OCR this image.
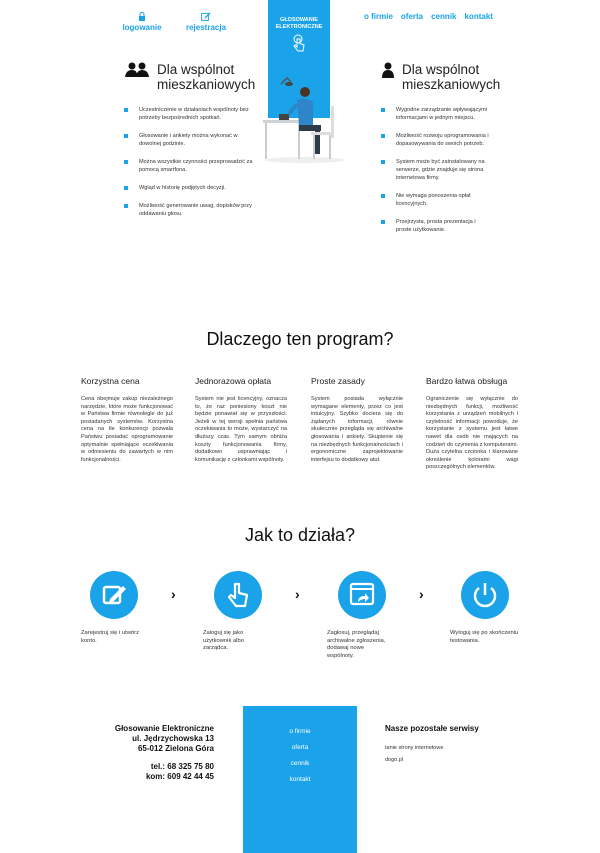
GŁOSOWANIE
ELEKTRONICZNE
logowanie	rejestracja
o firmie oferta cennik kontakt
Dla wspólnot
mieszkaniowych
Uczestniczenie w działaniach wspólnoty bez potrzeby bezpośrednich spotkań.
Głosowanie i ankiety można wykonać w dowolnej godzinie.
Można wszystkie czynności przeprowadzić za pomocą smartfona.
Wgląd w historię podjętych decyzji.
Możliwość generowanie uwag, dopisków przy oddawaniu głosu.
Dla wspólnot
mieszkaniowych
Wygodne zarządzanie wpływającymi informacjami w jednym miejscu.
Możliwość rozwoju oprogramowania i dopasowywania do swoich potrzeb.
System może być zainstalowany na serwerze, gdzie znajduje się strona internetowa firmy.
Nie wymaga ponoszenia opłat licencyjnych.
Przejrzysta, prosta prezentacja i proste użytkowanie.
Dlaczego ten program?
Korzystna cena
Cena obejmuje zakup niezależnego narzędzie, które może funkcjonować w Państwa firmie równolegle do już posiadanych systemów. Korzystna cena na tle konkurencji pozwala Państwu posiadać oprogramowanie optymalnie spełniające oczekiwania w odniesieniu do zawartych w nim funkcjonalności.
Jednorazowa opłata
System nie jest licencyjny, oznacza to, że raz poniesiony koszt nie będzie ponawiał się w przyszłości. Jeżeli w tej wersji spełnia państwa oczekiwania to może, wystarczyć na dłuższy czas. Tym samym obniża koszty funkcjonowania firmy, dodatkowo usprawniając i komunikację z członkami wspólnoty.
Proste zasady
System posiada wyłącznie wymagane elementy, przez co jest intuicyjny. Szybko dociera się do żądanych informacji, równie skutecznie przegląda się archiwalne głosowania i ankiety. Skupienie się na niezbędnych funkcjonalnościach i ergonomiczne zaprojektowanie interfejsu to dodatkowy atut.
Bardzo łatwa obsługa
Ograniczenie się wyłącznie do niezbędnych funkcji, możliwość korzystania z urządzeń mobilnych i czytelność informacji powoduje, że korzystanie z systemu jest łatwe nawet dla osób nie mających na codzień do czynienia z komputerami. Duża czytelna czcionka i klarowane określenie kolorami wagi poszczególnych elementów.
Jak to działa?
›	›	›
Zarejestruj się i utwórz konto.
Zaloguj się jako użytkownik albo zarządca.
Zagłosuj, przeglądaj archiwalne zgłoszenia, dodawaj nowe wspólnoty.
Wyloguj się po skończeniu testowania.
o firmie
oferta
cennik
kontakt
Głosowanie Elektroniczne
ul. Jędrzychowska 13
65-012 Zielona Góra
tel.: 68 325 75 80
kom: 609 42 44 45
Nasze pozostałe serwisy
tanie strony internetowe
dogo.pl
